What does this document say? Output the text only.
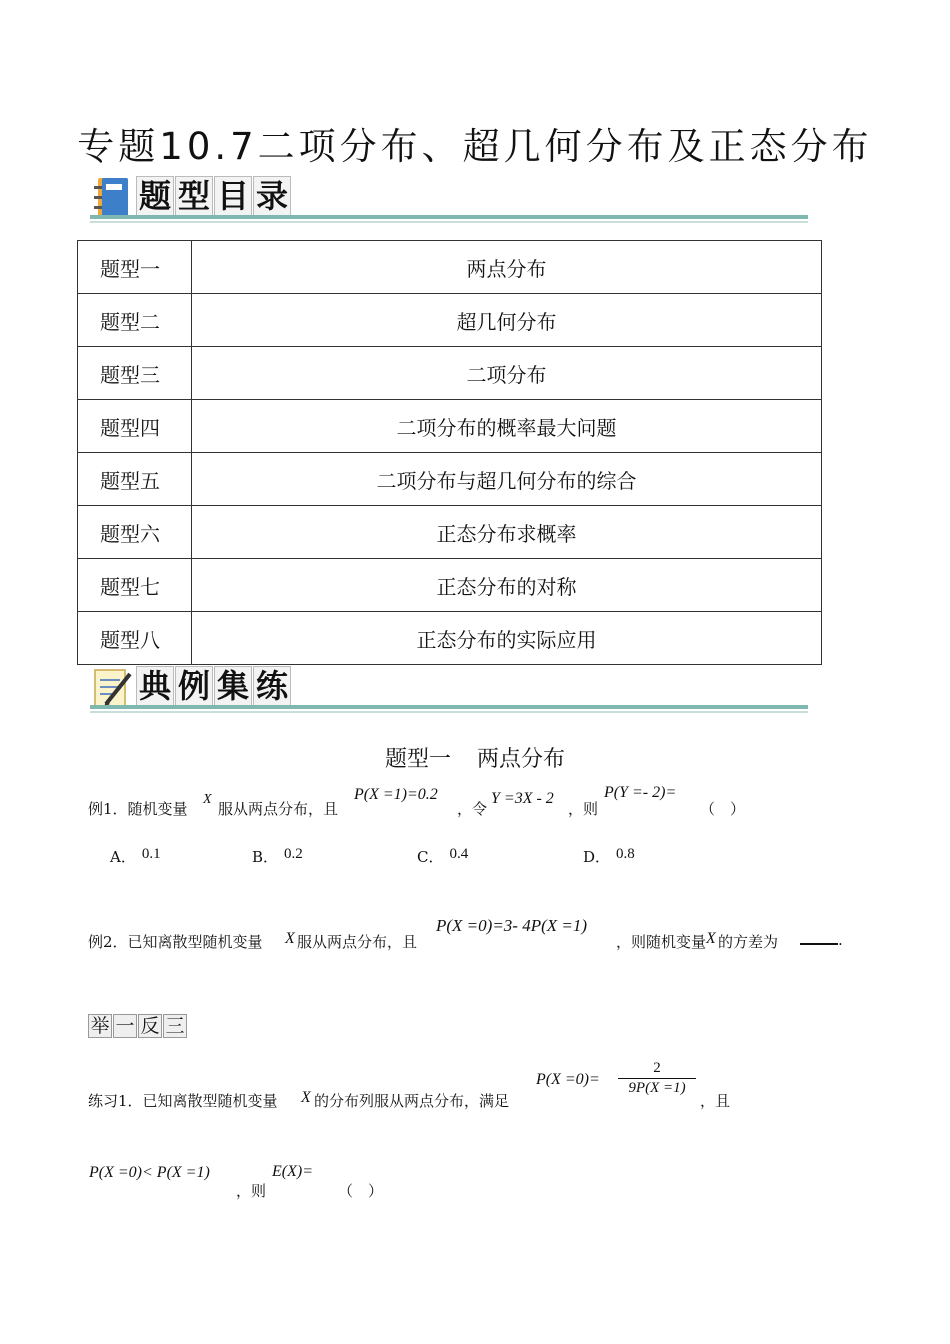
专题10.7二项分布、超几何分布及正态分布
题 型 目 录
题型一	两点分布
题型二	超几何分布
题型三	二项分布
题型四	二项分布的概率最大问题
题型五	二项分布与超几何分布的综合
题型六	正态分布求概率
题型七	正态分布的对称
题型八	正态分布的实际应用
典 例 集 练
题型一 两点分布
例1．随机变量
X
服从两点分布，且
P(X =1)=0.2
，令
Y =3X - 2
，则
P(Y =- 2)=
（　）
A． 0.1	B． 0.2	C． 0.4	D． 0.8
例2．已知离散型随机变量 X 服从两点分布，且
P(X =0)=3- 4P(X =1)
，则随机变量 X 的方差为	.
举 一 反 三
练习1．已知离散型随机变量 X 的分布列服从两点分布，满足
P(X =0)=
2
9P(X =1)
，且
P(X =0)< P(X =1)
，则
E(X)=
（　）
